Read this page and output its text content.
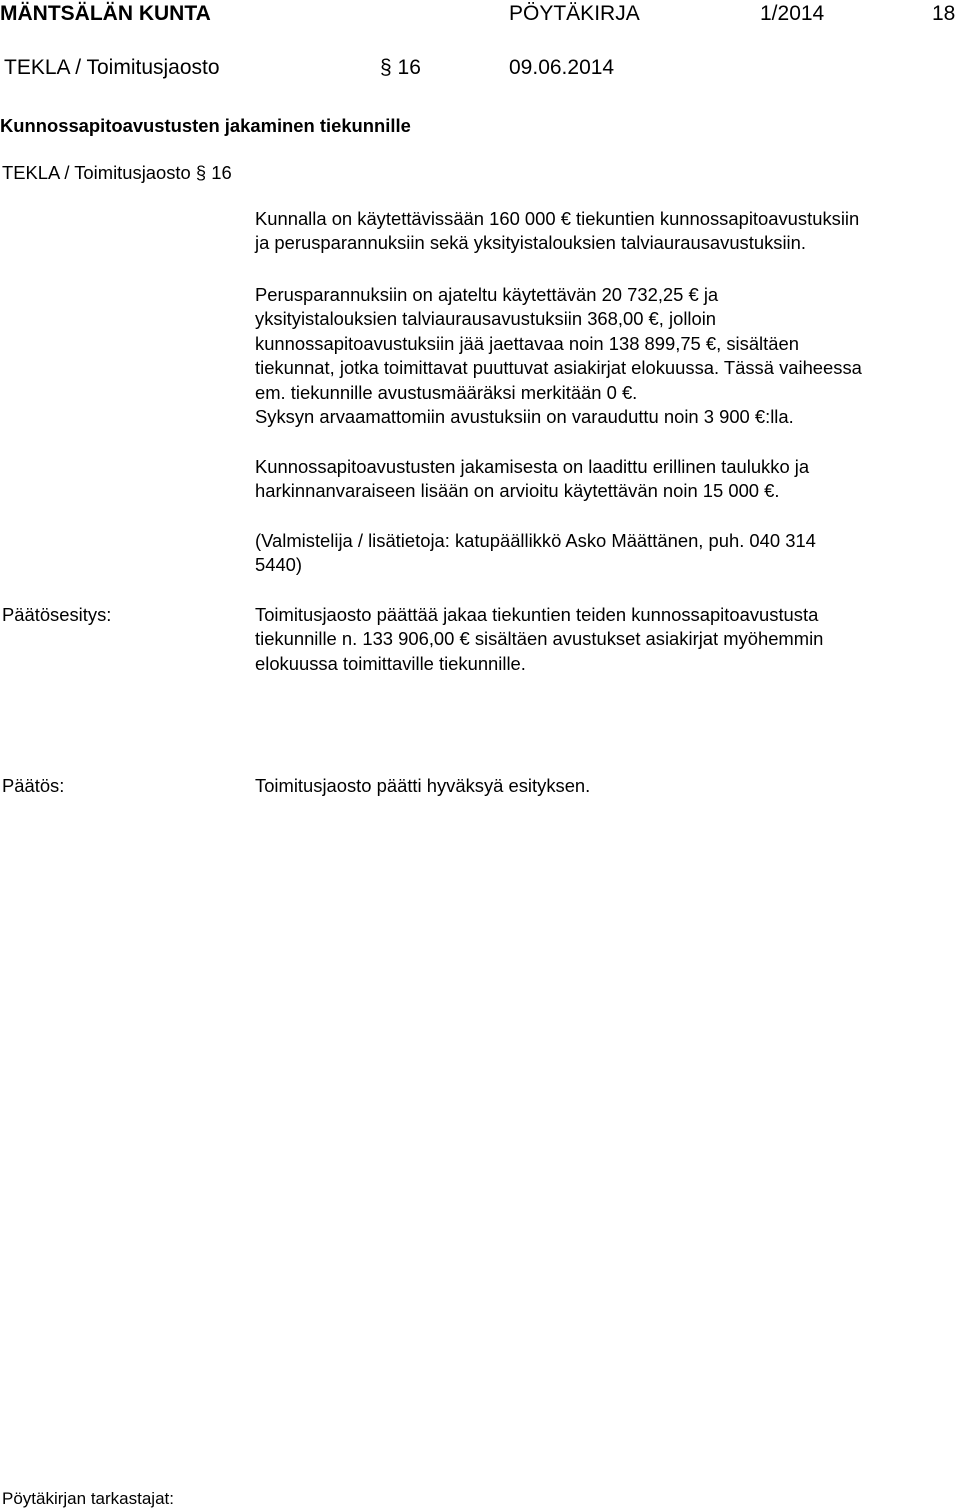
MÄNTSÄLÄN KUNTA	PÖYTÄKIRJA	1/2014	18
TEKLA / Toimitusjaosto	§ 16	09.06.2014
Kunnossapitoavustusten jakaminen tiekunnille
TEKLA / Toimitusjaosto § 16

Kunnalla on käytettävissään 160 000 € tiekuntien kunnossapitoavustuksiin
ja perusparannuksiin sekä yksityistalouksien talviaurausavustuksiin.

Perusparannuksiin on ajateltu käytettävän 20 732,25 € ja
yksityistalouksien talviaurausavustuksiin 368,00 €, jolloin
kunnossapitoavustuksiin jää jaettavaa noin 138 899,75 €, sisältäen
tiekunnat, jotka toimittavat puuttuvat asiakirjat elokuussa. Tässä vaiheessa
em. tiekunnille avustusmääräksi merkitään 0 €.
Syksyn arvaamattomiin avustuksiin on varauduttu noin 3 900 €:lla.

Kunnossapitoavustusten jakamisesta on laadittu erillinen taulukko ja
harkinnanvaraiseen lisään on arvioitu käytettävän noin 15 000 €.

(Valmistelija / lisätietoja: katupäällikkö Asko Määttänen, puh. 040 314
5440)

Päätösesitys:	Toimitusjaosto päättää jakaa tiekuntien teiden kunnossapitoavustusta
tiekunnille n. 133 906,00 € sisältäen avustukset asiakirjat myöhemmin
elokuussa toimittaville tiekunnille.

Päätös:	Toimitusjaosto päätti hyväksyä esityksen.

Pöytäkirjan tarkastajat:
